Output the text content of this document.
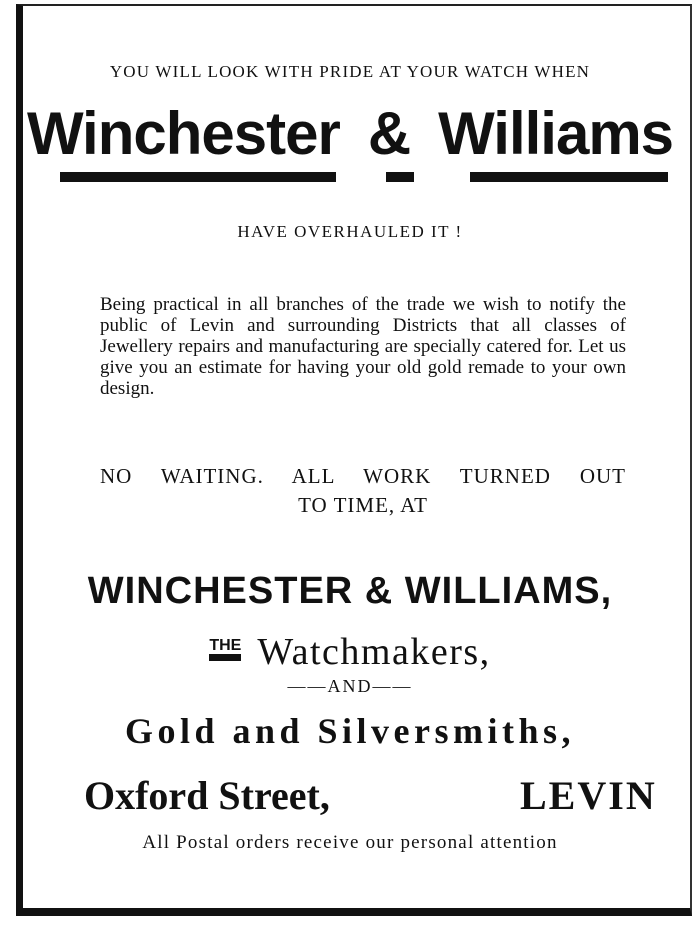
YOU WILL LOOK WITH PRIDE AT YOUR WATCH WHEN
Winchester & Williams
HAVE OVERHAULED IT !
Being practical in all branches of the trade we wish to notify the public of Levin and surrounding Districts that all classes of Jewellery repairs and manufacturing are specially catered for. Let us give you an estimate for having your old gold remade to your own design.
NO WAITING. ALL WORK TURNED OUT
TO TIME, AT
WINCHESTER & WILLIAMS,
THE Watchmakers,
——AND——
Gold and Silversmiths,
Oxford Street,	LEVIN
All Postal orders receive our personal attention
